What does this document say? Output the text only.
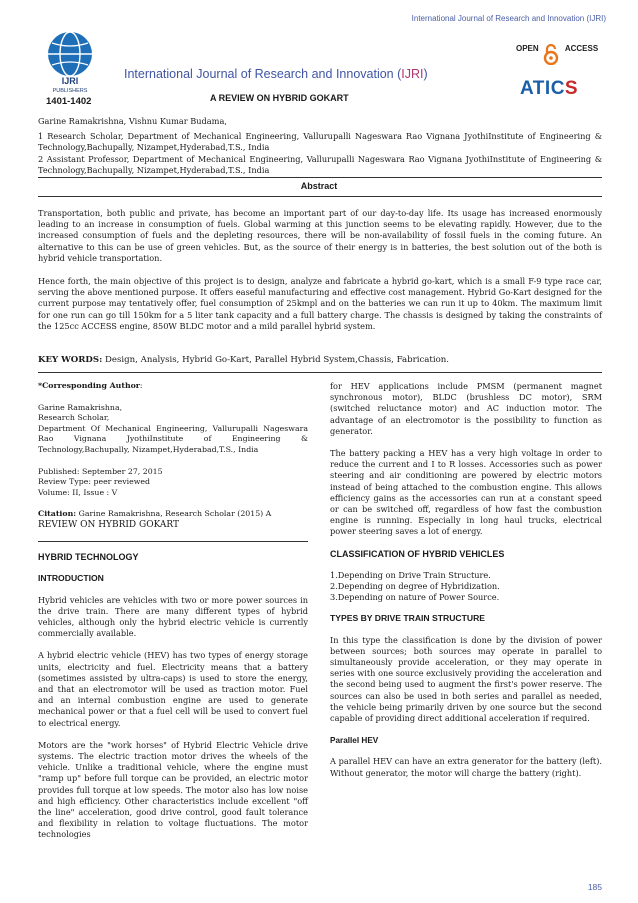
International Journal of Research and Innovation (IJRI)
IJRI
PUBLISHERS
1401-1402
International Journal of Research and Innovation (IJRI)
OPEN	ACCESS
ATICS
A REVIEW ON HYBRID GOKART
Garine Ramakrishna, Vishnu Kumar Budama,
1 Research Scholar, Department of Mechanical Engineering, Vallurupalli Nageswara Rao Vignana JyothiInstitute of Engineering & Technology,Bachupally, Nizampet,Hyderabad,T.S., India
2 Assistant Professor, Department of Mechanical Engineering, Vallurupalli Nageswara Rao Vignana JyothiInstitute of Engineering & Technology,Bachupally, Nizampet,Hyderabad,T.S., India
Abstract
Transportation, both public and private, has become an important part of our day-to-day life. Its usage has increased enormously leading to an increase in consumption of fuels. Global warming at this junction seems to be elevating rapidly. However, due to the increased consumption of fuels and the depleting resources, there will be non-availability of fossil fuels in the coming future. An alternative to this can be use of green vehicles. But, as the source of their energy is in batteries, the best solution out of the both is hybrid vehicle transportation.
Hence forth, the main objective of this project is to design, analyze and fabricate a hybrid go-kart, which is a small F-9 type race car, serving the above mentioned purpose. It offers easeful manufacturing and effective cost management. Hybrid Go-Kart designed for the current purpose may tentatively offer, fuel consumption of 25kmpl and on the batteries we can run it up to 40km. The maximum limit for one run can go till 150km for a 5 liter tank capacity and a full battery charge. The chassis is designed by taking the constraints of the 125cc ACCESS engine, 850W BLDC motor and a mild parallel hybrid system.
KEY WORDS: Design, Analysis, Hybrid Go-Kart, Parallel Hybrid System,Chassis, Fabrication.
*Corresponding Author:
Garine Ramakrishna,
Research Scholar,
Department Of Mechanical Engineering, Vallurupalli Nageswara Rao Vignana JyothiInstitute of Engineering & Technology,Bachupally, Nizampet,Hyderabad,T.S., India
Published: September 27, 2015
Review Type: peer reviewed
Volume: II, Issue : V
Citation: Garine Ramakrishna, Research Scholar (2015) A
REVIEW ON HYBRID GOKART
HYBRID TECHNOLOGY
INTRODUCTION

Hybrid vehicles are vehicles with two or more power sources in the drive train. There are many different types of hybrid vehicles, although only the hybrid electric vehicle is currently commercially available.

A hybrid electric vehicle (HEV) has two types of energy storage units, electricity and fuel. Electricity means that a battery (sometimes assisted by ultra-caps) is used to store the energy, and that an electromotor will be used as traction motor. Fuel and an internal combustion engine are used to generate mechanical power or that a fuel cell will be used to convert fuel to electrical energy.

Motors are the "work horses" of Hybrid Electric Vehicle drive systems. The electric traction motor drives the wheels of the vehicle. Unlike a traditional vehicle, where the engine must "ramp up" before full torque can be provided, an electric motor provides full torque at low speeds. The motor also has low noise and high efficiency. Other characteristics include excellent "off the line" acceleration, good drive control, good fault tolerance and flexibility in relation to voltage fluctuations. The motor technologies

for HEV applications include PMSM (permanent magnet synchronous motor), BLDC (brushless DC motor), SRM (switched reluctance motor) and AC induction motor. The advantage of an electromotor is the possibility to function as generator.

The battery packing a HEV has a very high voltage in order to reduce the current and I to R losses. Accessories such as power steering and air conditioning are powered by electric motors instead of being attached to the combustion engine. This allows efficiency gains as the accessories can run at a constant speed or can be switched off, regardless of how fast the combustion engine is running. Especially in long haul trucks, electrical power steering saves a lot of energy.

CLASSIFICATION OF HYBRID VEHICLES
1.Depending on Drive Train Structure.
2.Depending on degree of Hybridization.
3.Depending on nature of Power Source.
TYPES BY DRIVE TRAIN STRUCTURE

In this type the classification is done by the division of power between sources; both sources may operate in parallel to simultaneously provide acceleration, or they may operate in series with one source exclusively providing the acceleration and the second being used to augment the first's power reserve. The sources can also be used in both series and parallel as needed, the vehicle being primarily driven by one source but the second capable of providing direct additional acceleration if required.

Parallel HEV

A parallel HEV can have an extra generator for the battery (left). Without generator, the motor will charge the battery (right).

185
